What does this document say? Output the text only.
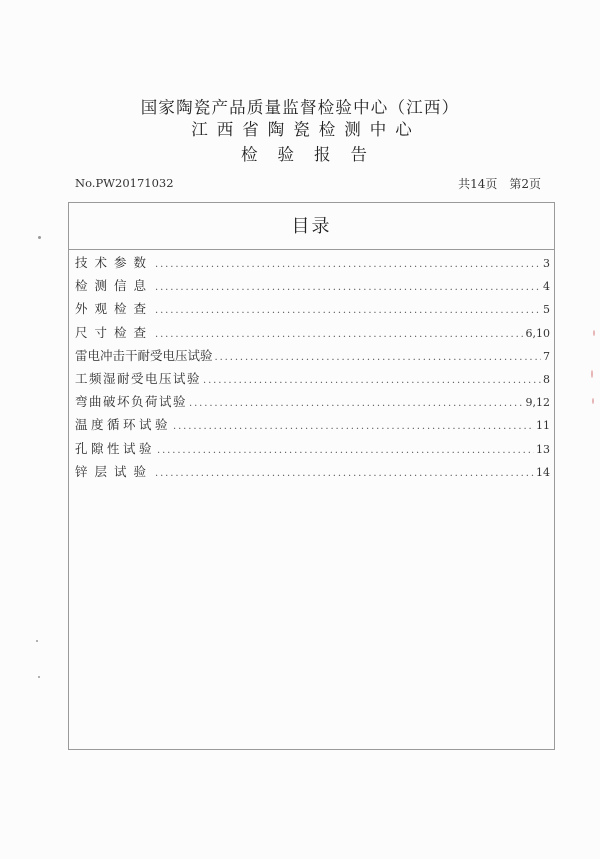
国家陶瓷产品质量监督检验中心（江西）
江西省陶瓷检测中心
检验报告
No.PW20171032	共14页 第2页
目录
技术参数 .....	3
检测信息 .....	4
外观检查 .....	5
尺寸检查 .....	6,10
雷电冲击干耐受电压试验 .....	7
工频湿耐受电压试验 .....	8
弯曲破坏负荷试验 .....	9,12
温度循环试验 .....	11
孔隙性试验 .....	13
锌层试验 .....	14
